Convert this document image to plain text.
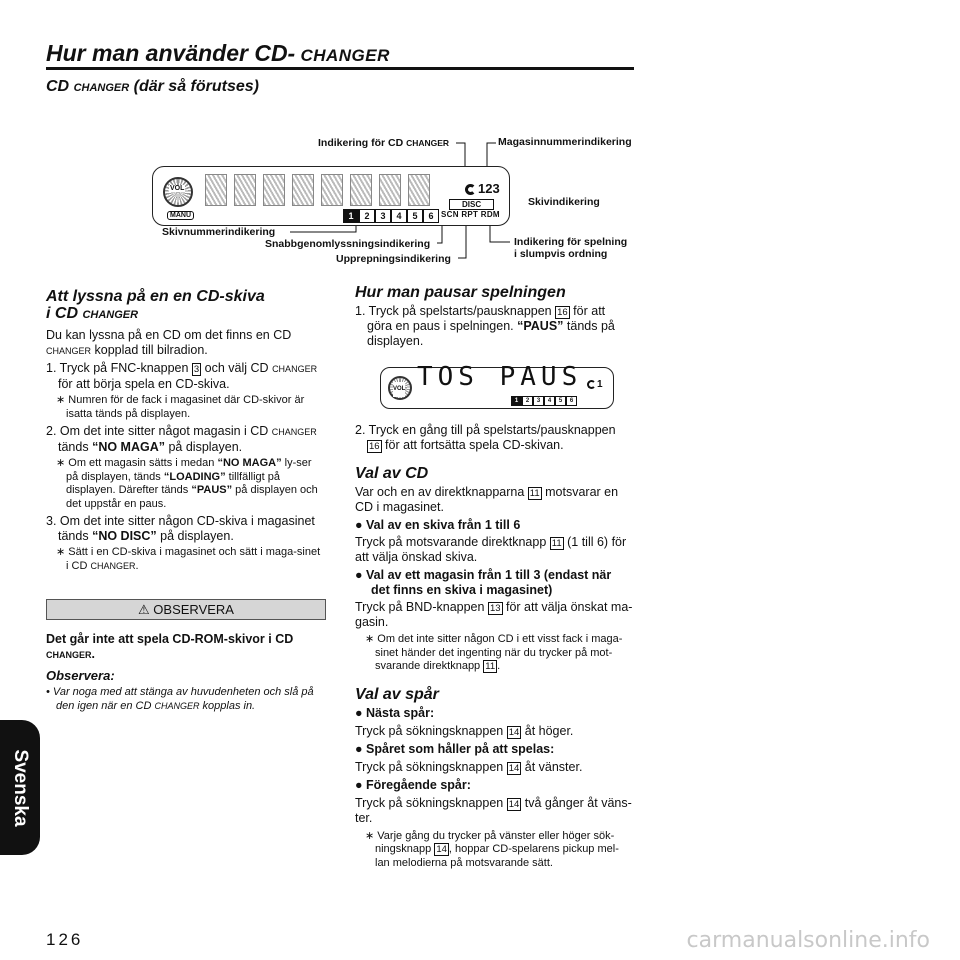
Hur man använder CD- CHANGER
CD CHANGER (där så förutses)
Indikering för CD CHANGER	Magasinnummerindikering
Skivindikering
Indikering för spelning
i slumpvis ordning
Skivnummerindikering
Snabbgenomlyssningsindikering
Upprepningsindikering
VOL
MANU
123
DISC
SCN RPT RDM
1	2	3	4	5	6
Att lyssna på en en CD-skiva
i CD CHANGER

Du kan lyssna på en CD om det finns en CD
CHANGER kopplad till bilradion.

1. Tryck på FNC-knappen 3 och välj CD CHANGER
för att börja spela en CD-skiva.

∗ Numren för de fack i magasinet där CD-skivor är isatta tänds på displayen.

2. Om det inte sitter något magasin i CD CHANGER
tänds “NO MAGA” på displayen.

∗ Om ett magasin sätts i medan “NO MAGA” ly-ser på displayen, tänds “LOADING” tillfälligt på displayen. Därefter tänds “PAUS” på displayen och det uppstår en paus.

3. Om det inte sitter någon CD-skiva i magasinet tänds “NO DISC” på displayen.

∗ Sätt i en CD-skiva i magasinet och sätt i maga-sinet i CD CHANGER.

⚠ OBSERVERA

Det går inte att spela CD-ROM-skivor i CD
CHANGER.

Observera:

• Var noga med att stänga av huvudenheten och slå på den igen när en CD CHANGER kopplas in.

Hur man pausar spelningen

1. Tryck på spelstarts/pausknappen 16 för att göra en paus i spelningen. “PAUS” tänds på displayen.

VOL TOS PAUS 1
1	2	3	4	5	6

2. Tryck en gång till på spelstarts/pausknappen 16 för att fortsätta spela CD-skivan.

Val av CD

Var och en av direktknapparna 11 motsvarar en CD i magasinet.

● Val av en skiva från 1 till 6

Tryck på motsvarande direktknapp 11 (1 till 6) för att välja önskad skiva.

● Val av ett magasin från 1 till 3 (endast när det finns en skiva i magasinet)

Tryck på BND-knappen 13 för att välja önskat ma-gasin.

∗ Om det inte sitter någon CD i ett visst fack i maga-sinet händer det ingenting när du trycker på mot-svarande direktknapp 11 .

Val av spår

● Nästa spår:

Tryck på sökningsknappen 14 åt höger.

● Spåret som håller på att spelas:

Tryck på sökningsknappen 14 åt vänster.

● Föregående spår:

Tryck på sökningsknappen 14 två gånger åt väns-ter.

∗ Varje gång du trycker på vänster eller höger sök-ningsknapp 14 , hoppar CD-spelarens pickup mel-lan melodierna på motsvarande sätt.

Svenska
126	carmanualsonline.info
